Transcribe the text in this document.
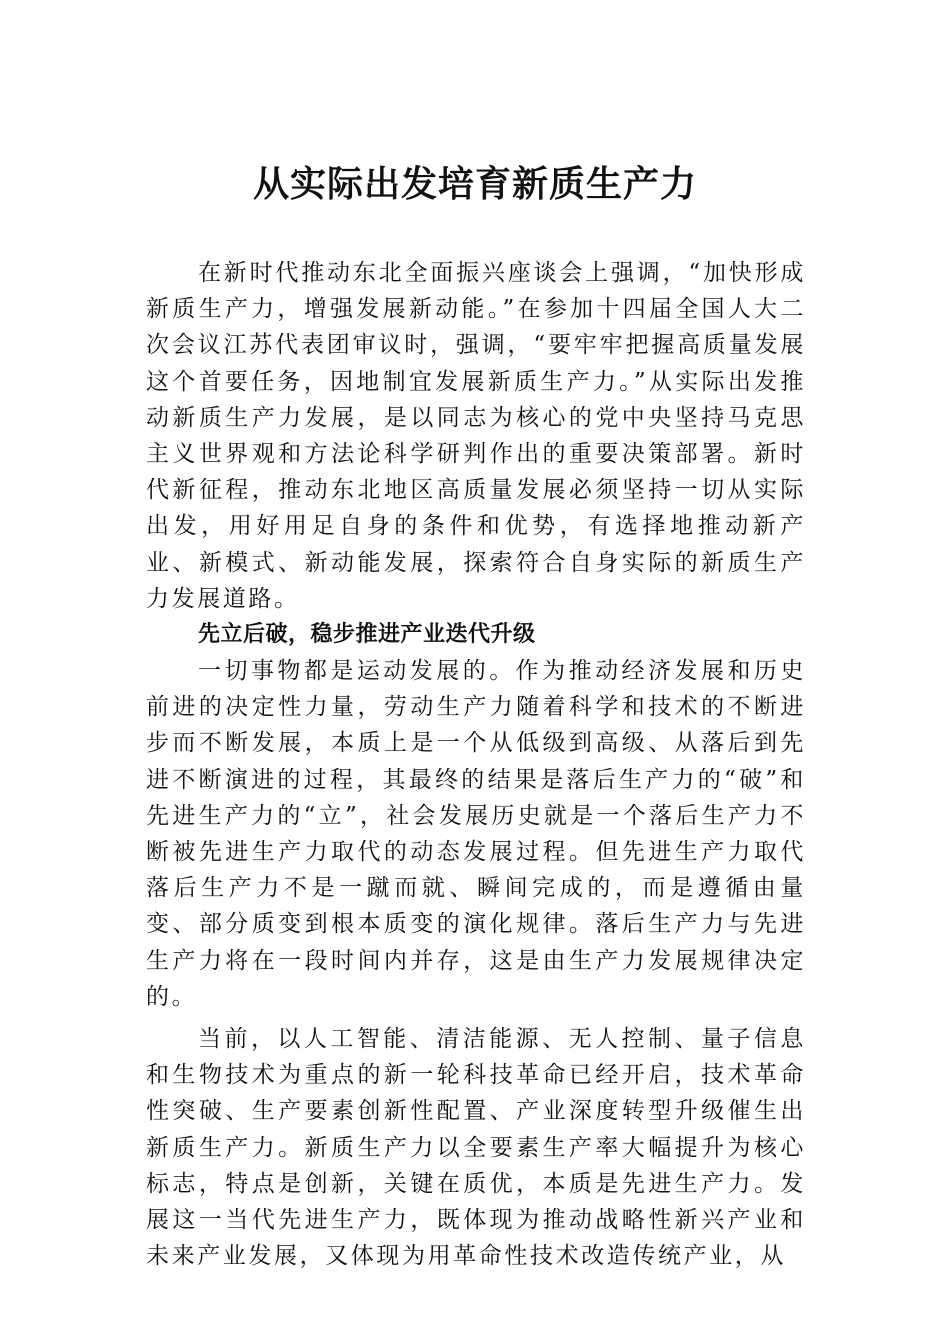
从实际出发培育新质生产力

在新时代推动东北全面振兴座谈会上强调，“加快形成新质生产力，增强发展新动能。”在参加十四届全国人大二次会议江苏代表团审议时，强调，“要牢牢把握高质量发展这个首要任务，因地制宜发展新质生产力。”从实际出发推动新质生产力发展，是以同志为核心的党中央坚持马克思主义世界观和方法论科学研判作出的重要决策部署。新时代新征程，推动东北地区高质量发展必须坚持一切从实际出发，用好用足自身的条件和优势，有选择地推动新产业、新模式、新动能发展，探索符合自身实际的新质生产力发展道路。

先立后破，稳步推进产业迭代升级

一切事物都是运动发展的。作为推动经济发展和历史前进的决定性力量，劳动生产力随着科学和技术的不断进步而不断发展，本质上是一个从低级到高级、从落后到先进不断演进的过程，其最终的结果是落后生产力的“破”和先进生产力的“立”，社会发展历史就是一个落后生产力不断被先进生产力取代的动态发展过程。但先进生产力取代落后生产力不是一蹴而就、瞬间完成的，而是遵循由量变、部分质变到根本质变的演化规律。落后生产力与先进生产力将在一段时间内并存，这是由生产力发展规律决定的。

当前，以人工智能、清洁能源、无人控制、量子信息和生物技术为重点的新一轮科技革命已经开启，技术革命性突破、生产要素创新性配置、产业深度转型升级催生出新质生产力。新质生产力以全要素生产率大幅提升为核心标志，特点是创新，关键在质优，本质是先进生产力。发展这一当代先进生产力，既体现为推动战略性新兴产业和未来产业发展，又体现为用革命性技术改造传统产业，从
